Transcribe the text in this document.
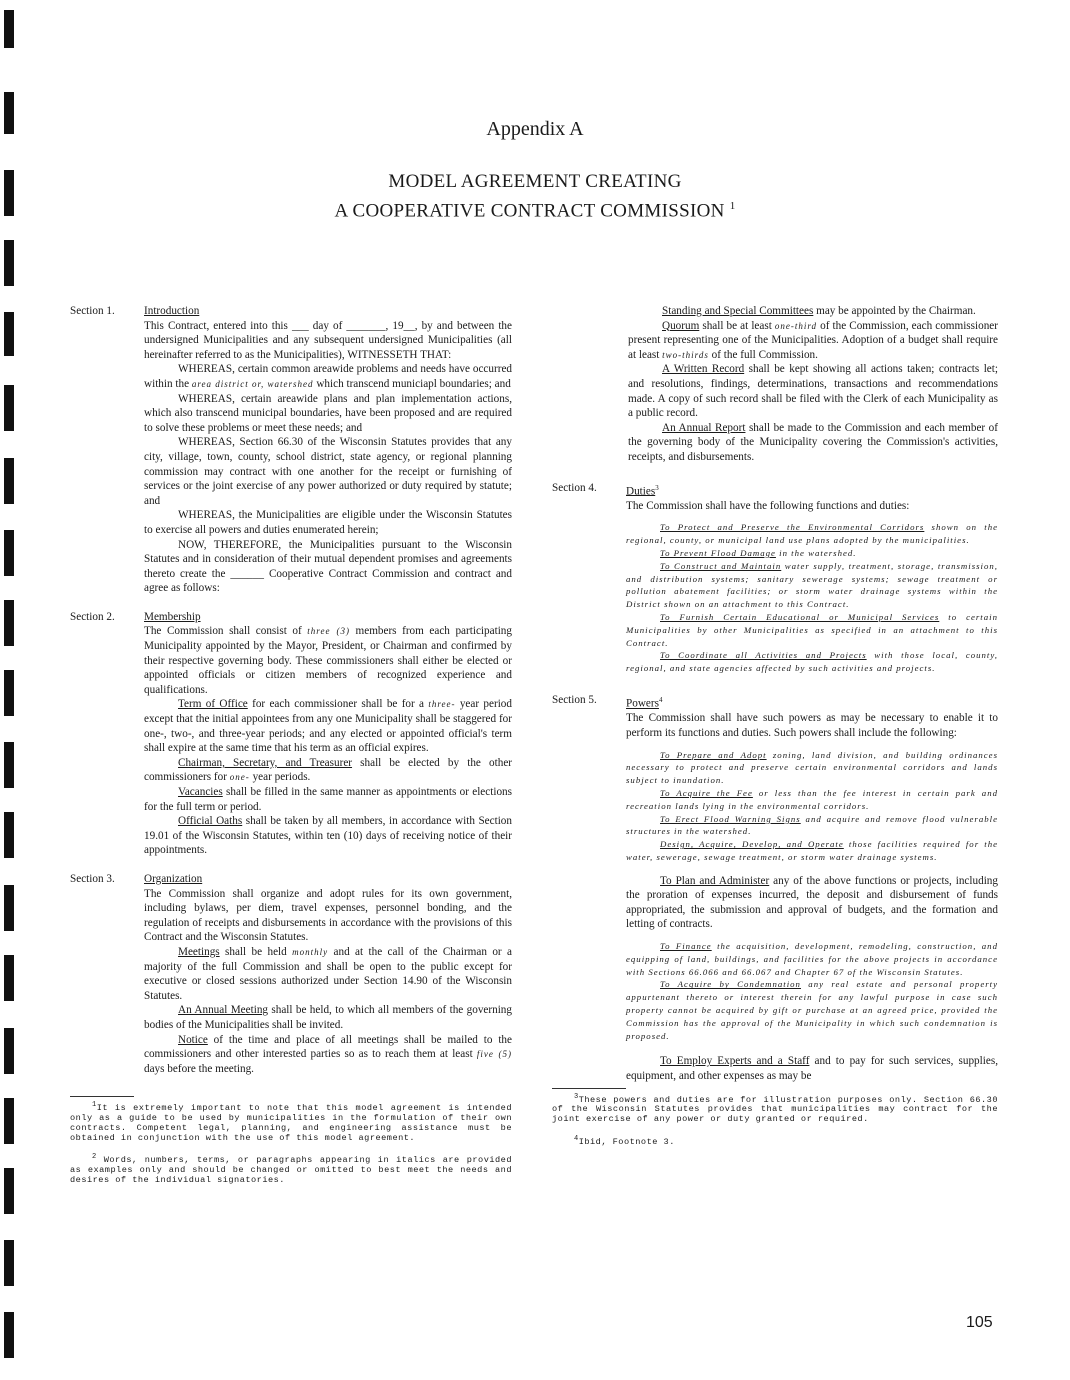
Appendix A
MODEL AGREEMENT CREATING
A COOPERATIVE CONTRACT COMMISSION $^1$
Section 1.	Introduction

This Contract, entered into this ___ day of _______, 19__, by and between the undersigned Municipalities and any subsequent undersigned Municipalities (all hereinafter referred to as the Municipalities), WITNESSETH THAT:

WHEREAS, certain common areawide problems and needs have occurred within the area district or, watershed which transcend municiapl boundaries; and

WHEREAS, certain areawide plans and plan implementation actions, which also transcend municipal boundaries, have been proposed and are required to solve these problems or meet these needs; and

WHEREAS, Section 66.30 of the Wisconsin Statutes provides that any city, village, town, county, school district, state agency, or regional planning commission may contract with one another for the receipt or furnishing of services or the joint exercise of any power authorized or duty required by statute; and

WHEREAS, the Municipalities are eligible under the Wisconsin Statutes to exercise all powers and duties enumerated herein;

NOW, THEREFORE, the Municipalities pursuant to the Wisconsin Statutes and in consideration of their mutual dependent promises and agreements thereto create the ______ Cooperative Contract Commission and contract and agree as follows:

Section 2.	Membership

The Commission shall consist of three (3) members from each participating Municipality appointed by the Mayor, President, or Chairman and confirmed by their respective governing body. These commissioners shall either be elected or appointed officials or citizen members of recognized experience and qualifications.

Term of Office for each commissioner shall be for a three- year period except that the initial appointees from any one Municipality shall be staggered for one-, two-, and three-year periods; and any elected or appointed official's term shall expire at the same time that his term as an official expires.

Chairman, Secretary, and Treasurer shall be elected by the other commissioners for one- year periods.

Vacancies shall be filled in the same manner as appointments or elections for the full term or period.

Official Oaths shall be taken by all members, in accordance with Section 19.01 of the Wisconsin Statutes, within ten (10) days of receiving notice of their appointments.

Section 3.	Organization

The Commission shall organize and adopt rules for its own government, including bylaws, per diem, travel expenses, personnel bonding, and the regulation of receipts and disbursements in accordance with the provisions of this Contract and the Wisconsin Statutes.

Meetings shall be held monthly and at the call of the Chairman or a majority of the full Commission and shall be open to the public except for executive or closed sessions authorized under Section 14.90 of the Wisconsin Statutes.

An Annual Meeting shall be held, to which all members of the governing bodies of the Municipalities shall be invited.

Notice of the time and place of all meetings shall be mailed to the commissioners and other interested parties so as to reach them at least five (5) days before the meeting.

$^1$It is extremely important to note that this model agreement is intended only as a guide to be used by municipalities in the formulation of their own contracts. Competent legal, planning, and engineering assistance must be obtained in conjunction with the use of this model agreement.

$^2$ Words, numbers, terms, or paragraphs appearing in italics are provided as examples only and should be changed or omitted to best meet the needs and desires of the individual signatories.

Standing and Special Committees may be appointed by the Chairman.

Quorum shall be at least one-third of the Commission, each commissioner present representing one of the Municipalities. Adoption of a budget shall require at least two-thirds of the full Commission.

A Written Record shall be kept showing all actions taken; contracts let; and resolutions, findings, determinations, transactions and recommendations made. A copy of such record shall be filed with the Clerk of each Municipality as a public record.

An Annual Report shall be made to the Commission and each member of the governing body of the Municipality covering the Commission's activities, receipts, and disbursements.

Section 4.	Duties$^3$

The Commission shall have the following functions and duties:

To Protect and Preserve the Environmental Corridors shown on the regional, county, or municipal land use plans adopted by the municipalities.

To Prevent Flood Damage in the watershed.

To Construct and Maintain water supply, treatment, storage, transmission, and distribution systems; sanitary sewerage systems; sewage treatment or pollution abatement facilities; or storm water drainage systems within the District shown on an attachment to this Contract.

To Furnish Certain Educational or Municipal Services to certain Municipalities by other Municipalities as specified in an attachment to this Contract.

To Coordinate all Activities and Projects with those local, county, regional, and state agencies affected by such activities and projects.

Section 5.	Powers$^4$

The Commission shall have such powers as may be necessary to enable it to perform its functions and duties. Such powers shall include the following:

To Prepare and Adopt zoning, land division, and building ordinances necessary to protect and preserve certain environmental corridors and lands subject to inundation.

To Acquire the Fee or less than the fee interest in certain park and recreation lands lying in the environmental corridors.

To Erect Flood Warning Signs and acquire and remove flood vulnerable structures in the watershed.

Design, Acquire, Develop, and Operate those facilities required for the water, sewerage, sewage treatment, or storm water drainage systems.

To Plan and Administer any of the above functions or projects, including the proration of expenses incurred, the deposit and disbursement of funds appropriated, the submission and approval of budgets, and the formation and letting of contracts.

To Finance the acquisition, development, remodeling, construction, and equipping of land, buildings, and facilities for the above projects in accordance with Sections 66.066 and 66.067 and Chapter 67 of the Wisconsin Statutes.

To Acquire by Condemnation any real estate and personal property appurtenant thereto or interest therein for any lawful purpose in case such property cannot be acquired by gift or purchase at an agreed price, provided the Commission has the approval of the Municipality in which such condemnation is proposed.

To Employ Experts and a Staff and to pay for such services, supplies, equipment, and other expenses as may be

$^3$These powers and duties are for illustration purposes only. Section 66.30 of the Wisconsin Statutes provides that municipalities may contract for the joint exercise of any power or duty granted or required.

$^4$Ibid, Footnote 3.

105
